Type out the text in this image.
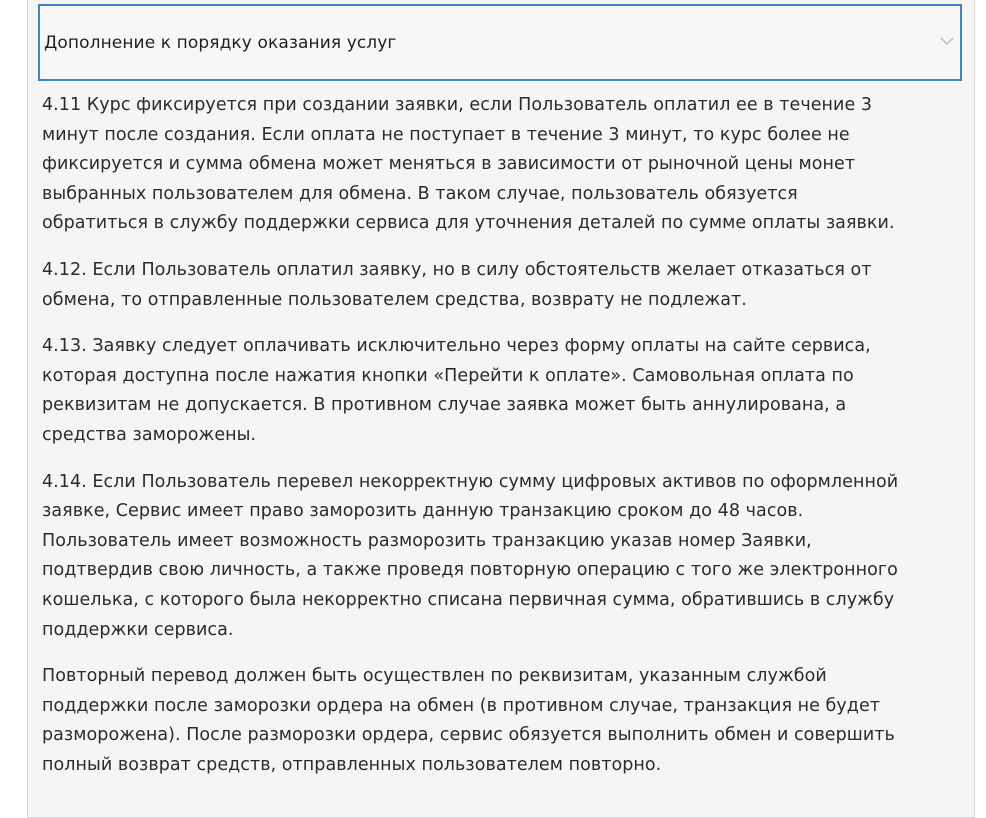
Дополнение к порядку оказания услуг

4.11 Курс фиксируется при создании заявки, если Пользователь оплатил ее в течение 3
минут после создания. Если оплата не поступает в течение 3 минут, то курс более не
фиксируется и сумма обмена может меняться в зависимости от рыночной цены монет
выбранных пользователем для обмена. В таком случае, пользователь обязуется
обратиться в службу поддержки сервиса для уточнения деталей по сумме оплаты заявки.

4.12. Если Пользователь оплатил заявку, но в силу обстоятельств желает отказаться от
обмена, то отправленные пользователем средства, возврату не подлежат.

4.13. Заявку следует оплачивать исключительно через форму оплаты на сайте сервиса,
которая доступна после нажатия кнопки «Перейти к оплате». Самовольная оплата по
реквизитам не допускается. В противном случае заявка может быть аннулирована, а
средства заморожены.

4.14. Если Пользователь перевел некорректную сумму цифровых активов по оформленной
заявке, Сервис имеет право заморозить данную транзакцию сроком до 48 часов.
Пользователь имеет возможность разморозить транзакцию указав номер Заявки,
подтвердив свою личность, а также проведя повторную операцию с того же электронного
кошелька, с которого была некорректно списана первичная сумма, обратившись в службу
поддержки сервиса.

Повторный перевод должен быть осуществлен по реквизитам, указанным службой
поддержки после заморозки ордера на обмен (в противном случае, транзакция не будет
разморожена). После разморозки ордера, сервис обязуется выполнить обмен и совершить
полный возврат средств, отправленных пользователем повторно.
